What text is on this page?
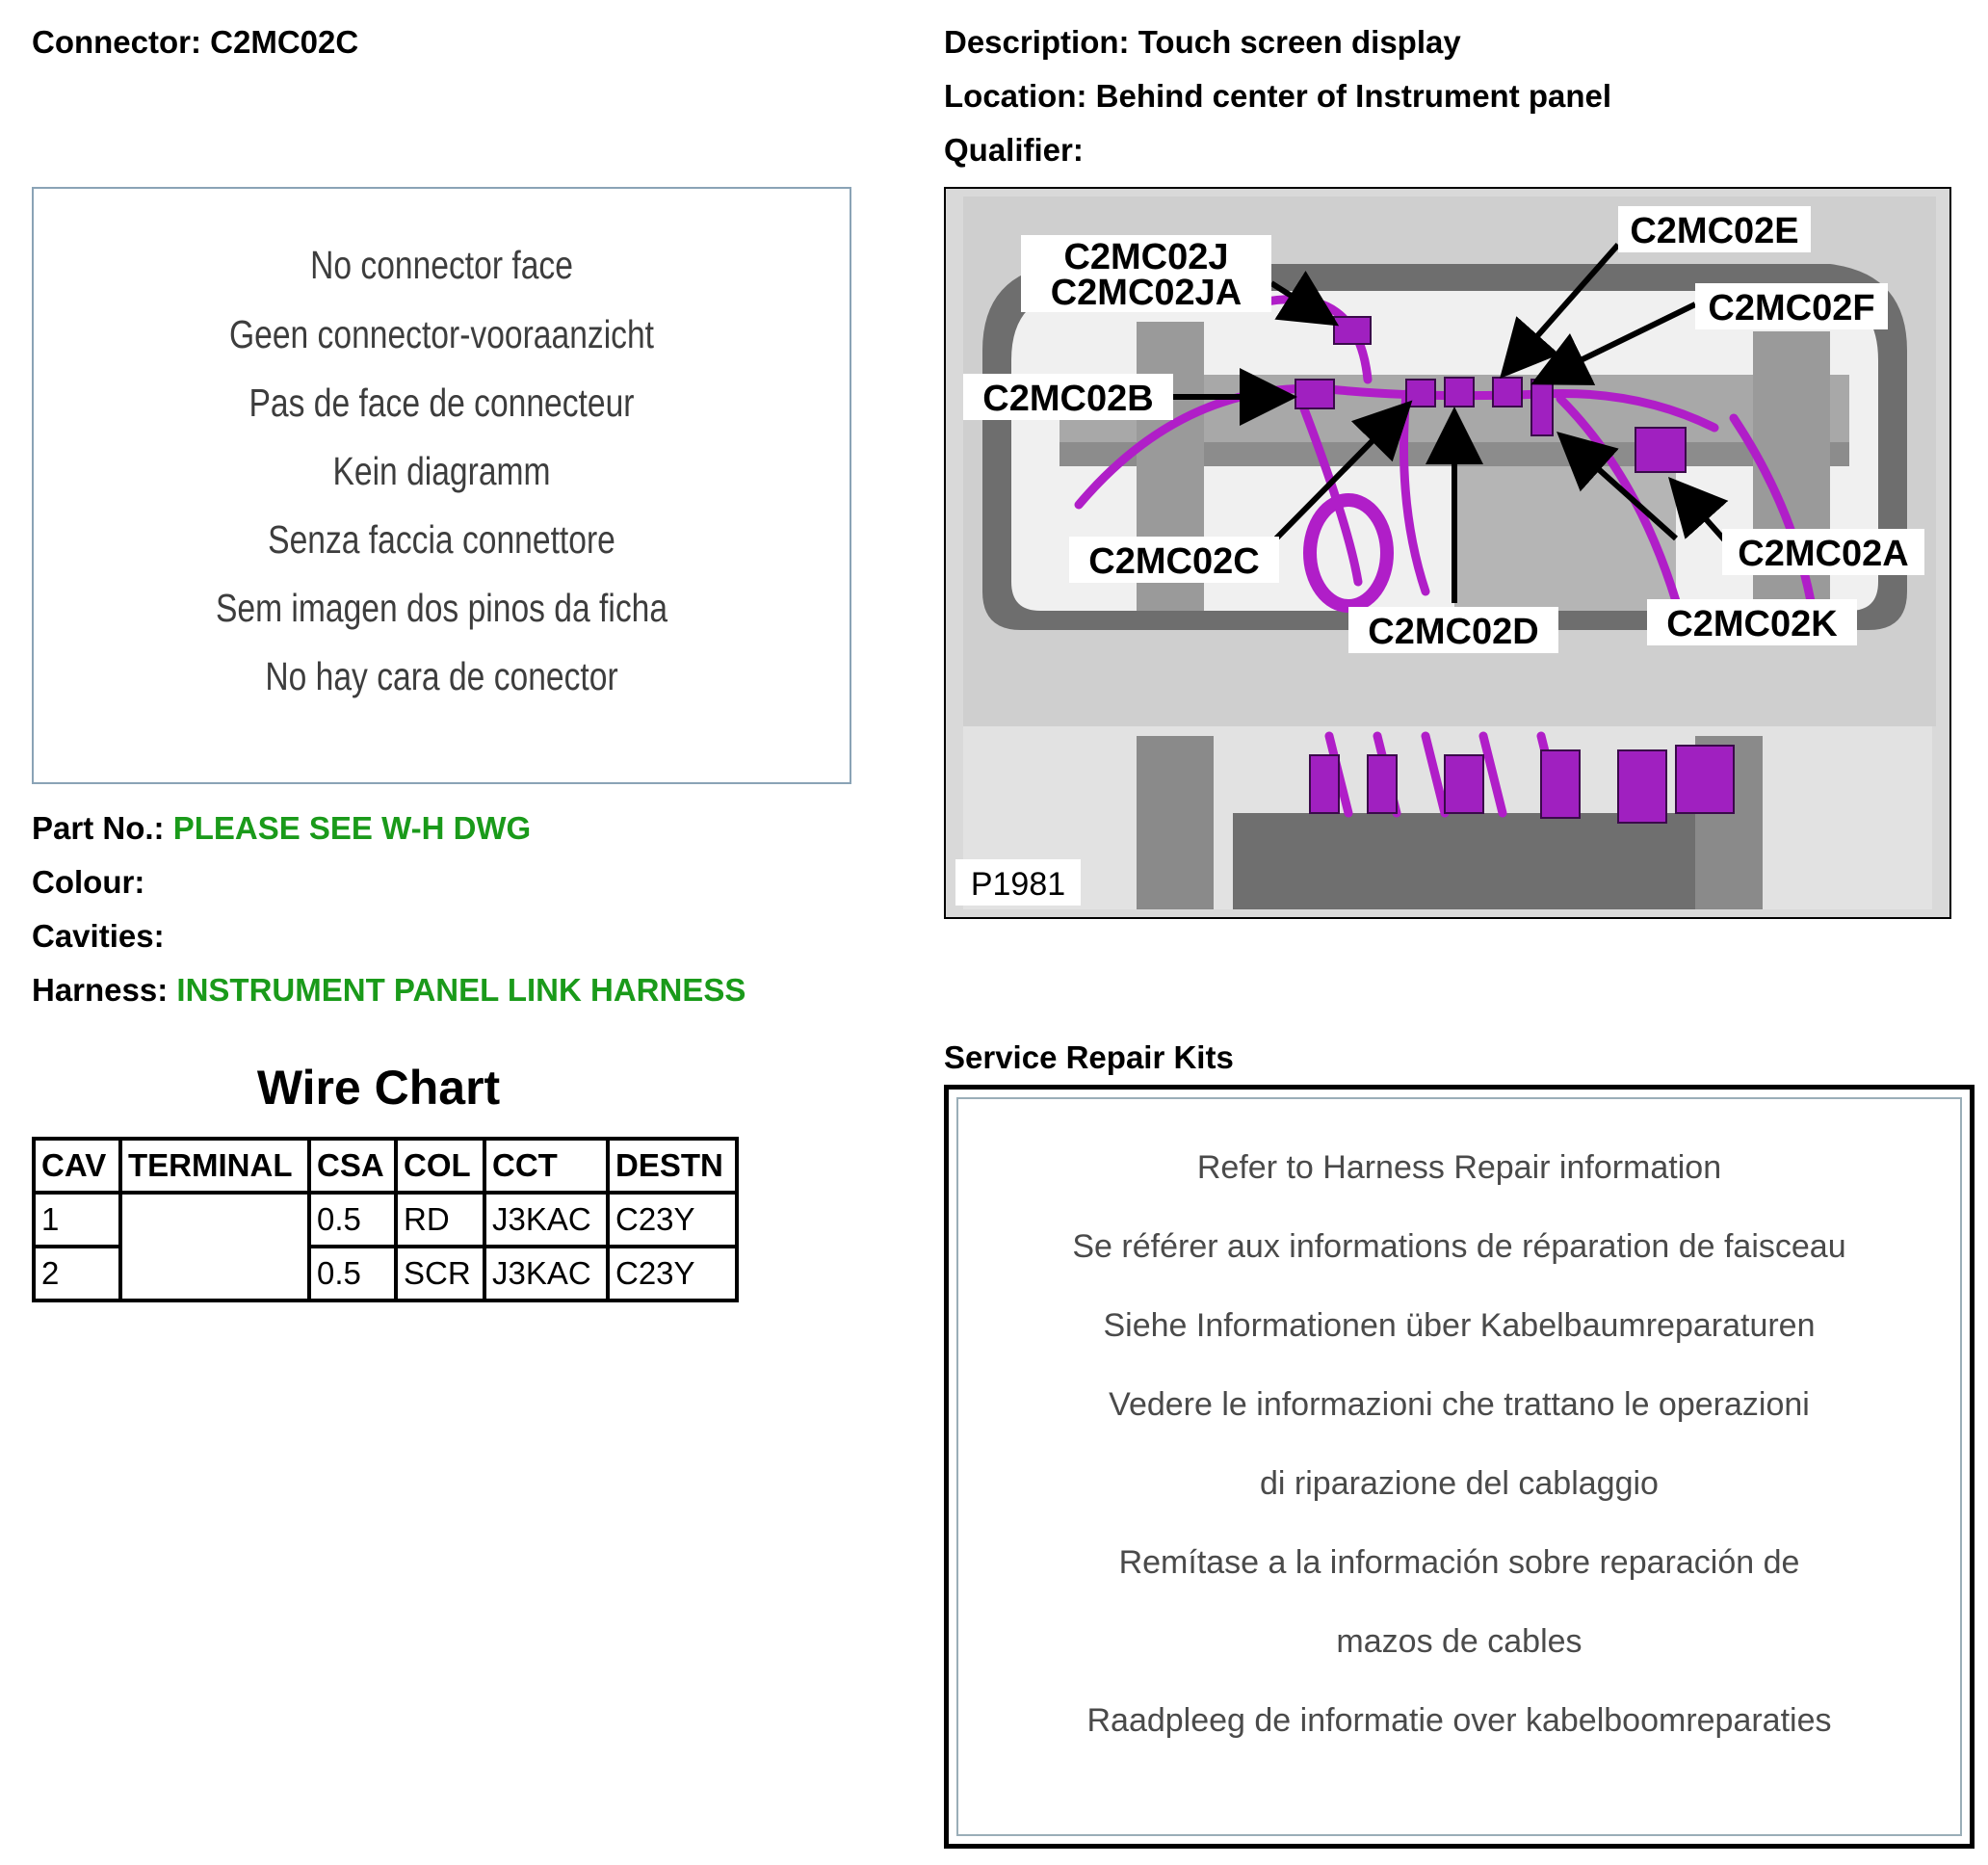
Connector: C2MC02C	Description: Touch screen display
Location: Behind center of Instrument panel
Qualifier:
No connector face
Geen connector-vooraanzicht
Pas de face de connecteur
Kein diagramm
Senza faccia connettore
Sem imagen dos pinos da ficha
No hay cara de conector
Part No.: PLEASE SEE W-H DWG
Colour:
Cavities:
Harness: INSTRUMENT PANEL LINK HARNESS
Wire Chart
CAV	TERMINAL	CSA	COL	CCT	DESTN
1		0.5	RD	J3KAC	C23Y
2		0.5	SCR	J3KAC	C23Y
C2MC02J
C2MC02JA
C2MC02E
C2MC02F
C2MC02B
C2MC02C	C2MC02A
C2MC02K
C2MC02D
P1981
Service Repair Kits
Refer to Harness Repair information
Se référer aux informations de réparation de faisceau
Siehe Informationen über Kabelbaumreparaturen
Vedere le informazioni che trattano le operazioni
di riparazione del cablaggio
Remítase a la información sobre reparación de
mazos de cables
Raadpleeg de informatie over kabelboomreparaties
